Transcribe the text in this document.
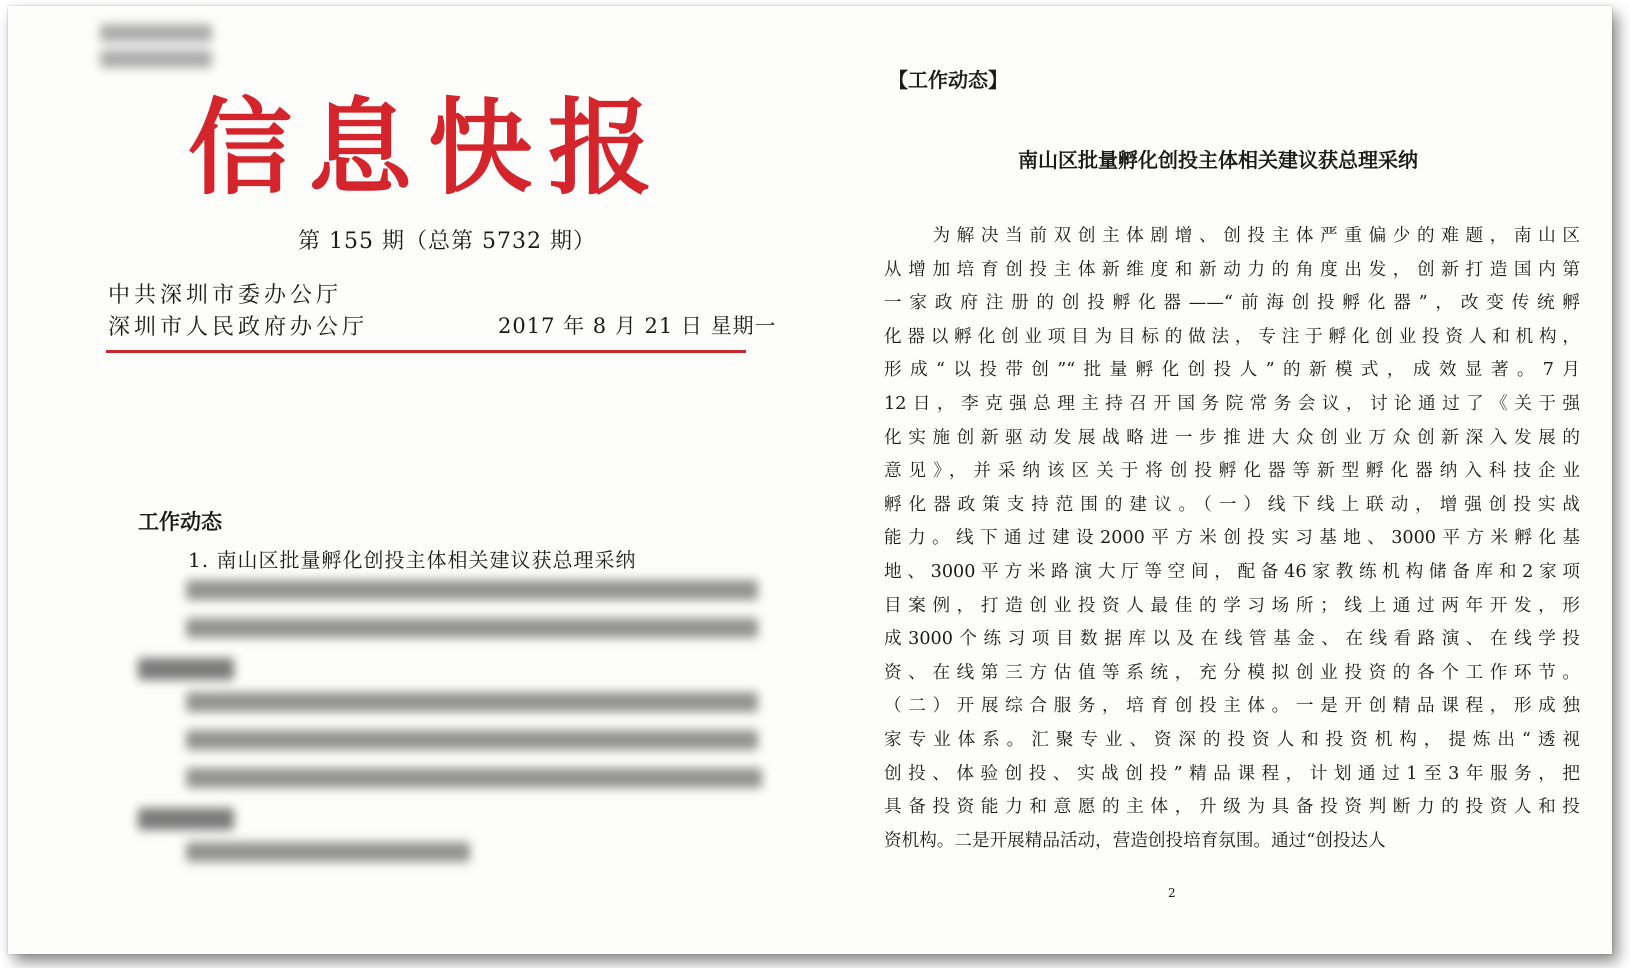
信息快报
第 155 期（总第 5732 期）
中共深圳市委办公厅
深圳市人民政府办公厅	2017 年 8 月 21 日 星期一
工作动态
1. 南山区批量孵化创投主体相关建议获总理采纳
【工作动态】
南山区批量孵化创投主体相关建议获总理采纳
　　为解决当前双创主体剧增、创投主体严重偏少的难题，南山区
从增加培育创投主体新维度和新动力的角度出发，创新打造国内第
一家政府注册的创投孵化器——“前海创投孵化器”，改变传统孵
化器以孵化创业项目为目标的做法，专注于孵化创业投资人和机构，
形成“以投带创”“批量孵化创投人”的新模式，成效显著。7月
12日，李克强总理主持召开国务院常务会议，讨论通过了《关于强
化实施创新驱动发展战略进一步推进大众创业万众创新深入发展的
意见》，并采纳该区关于将创投孵化器等新型孵化器纳入科技企业
孵化器政策支持范围的建议。（一）线下线上联动，增强创投实战
能力。线下通过建设2000平方米创投实习基地、3000平方米孵化基
地、3000平方米路演大厅等空间，配备46家教练机构储备库和2家项
目案例，打造创业投资人最佳的学习场所；线上通过两年开发，形
成3000个练习项目数据库以及在线管基金、在线看路演、在线学投
资、在线第三方估值等系统，充分模拟创业投资的各个工作环节。
（二）开展综合服务，培育创投主体。一是开创精品课程，形成独
家专业体系。汇聚专业、资深的投资人和投资机构，提炼出“透视
创投、体验创投、实战创投”精品课程，计划通过1至3年服务，把
具备投资能力和意愿的主体，升级为具备投资判断力的投资人和投
资机构。二是开展精品活动，营造创投培育氛围。通过“创投达人
2
